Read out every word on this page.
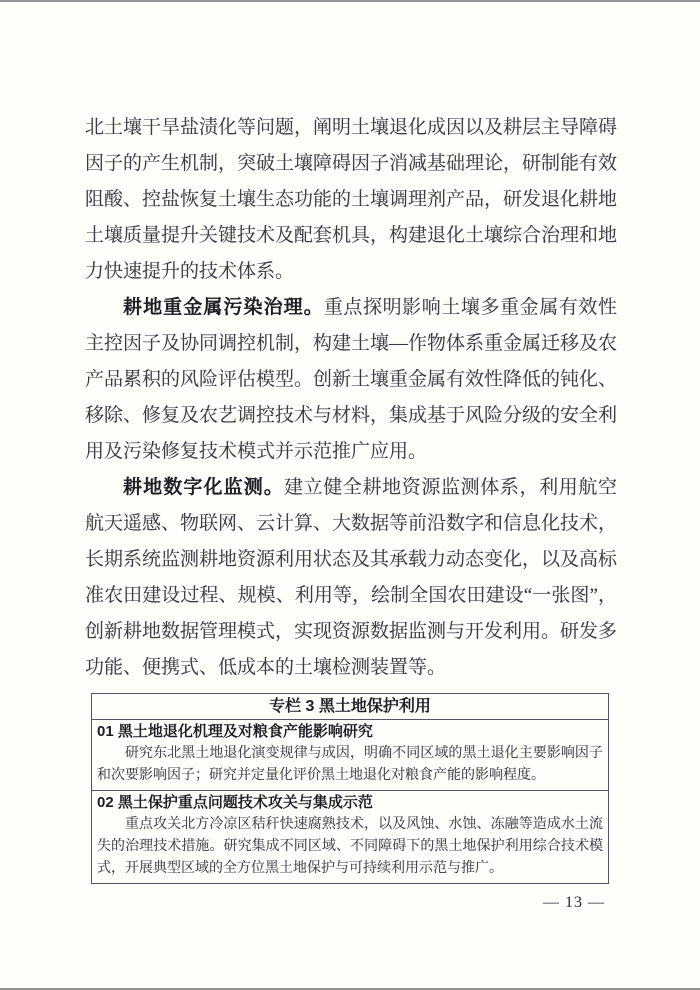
北土壤干旱盐渍化等问题，阐明土壤退化成因以及耕层主导障碍因子的产生机制，突破土壤障碍因子消减基础理论，研制能有效阻酸、控盐恢复土壤生态功能的土壤调理剂产品，研发退化耕地土壤质量提升关键技术及配套机具，构建退化土壤综合治理和地力快速提升的技术体系。

耕地重金属污染治理。重点探明影响土壤多重金属有效性主控因子及协同调控机制，构建土壤—作物体系重金属迁移及农产品累积的风险评估模型。创新土壤重金属有效性降低的钝化、移除、修复及农艺调控技术与材料，集成基于风险分级的安全利用及污染修复技术模式并示范推广应用。

耕地数字化监测。建立健全耕地资源监测体系，利用航空航天遥感、物联网、云计算、大数据等前沿数字和信息化技术，长期系统监测耕地资源利用状态及其承载力动态变化，以及高标准农田建设过程、规模、利用等，绘制全国农田建设“一张图”，创新耕地数据管理模式，实现资源数据监测与开发利用。研发多功能、便携式、低成本的土壤检测装置等。

专栏 3 黑土地保护利用
01 黑土地退化机理及对粮食产能影响研究

研究东北黑土地退化演变规律与成因，明确不同区域的黑土退化主要影响因子和次要影响因子；研究并定量化评价黑土地退化对粮食产能的影响程度。

02 黑土保护重点问题技术攻关与集成示范

重点攻关北方冷凉区秸秆快速腐熟技术，以及风蚀、水蚀、冻融等造成水土流失的治理技术措施。研究集成不同区域、不同障碍下的黑土地保护利用综合技术模式，开展典型区域的全方位黑土地保护与可持续利用示范与推广。

— 13 —
